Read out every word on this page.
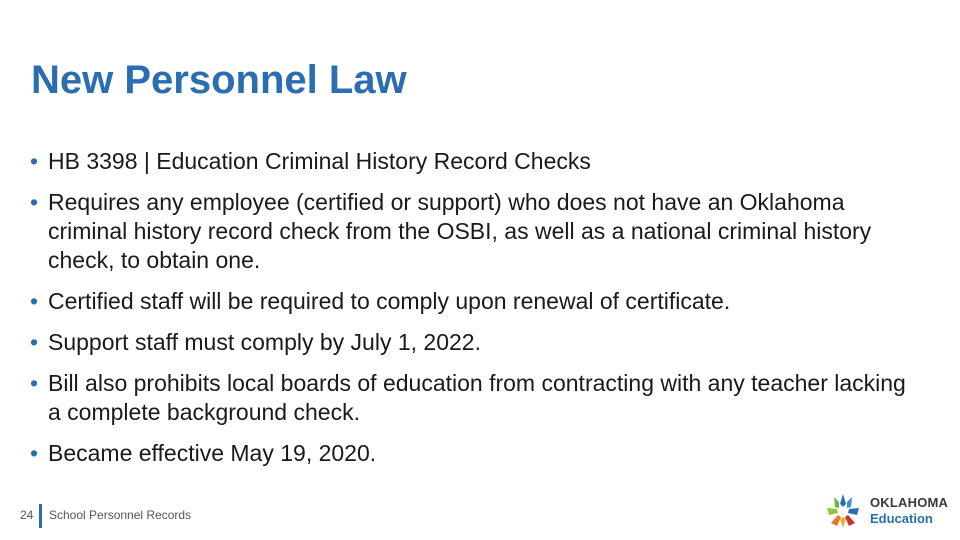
New Personnel Law
• HB 3398 | Education Criminal History Record Checks
• Requires any employee (certified or support) who does not have an Oklahoma criminal history record check from the OSBI, as well as a national criminal history check, to obtain one.
• Certified staff will be required to comply upon renewal of certificate.
• Support staff must comply by July 1, 2022.
• Bill also prohibits local boards of education from contracting with any teacher lacking a complete background check.
• Became effective May 19, 2020.
24 School Personnel Records
OKLAHOMA
Education
